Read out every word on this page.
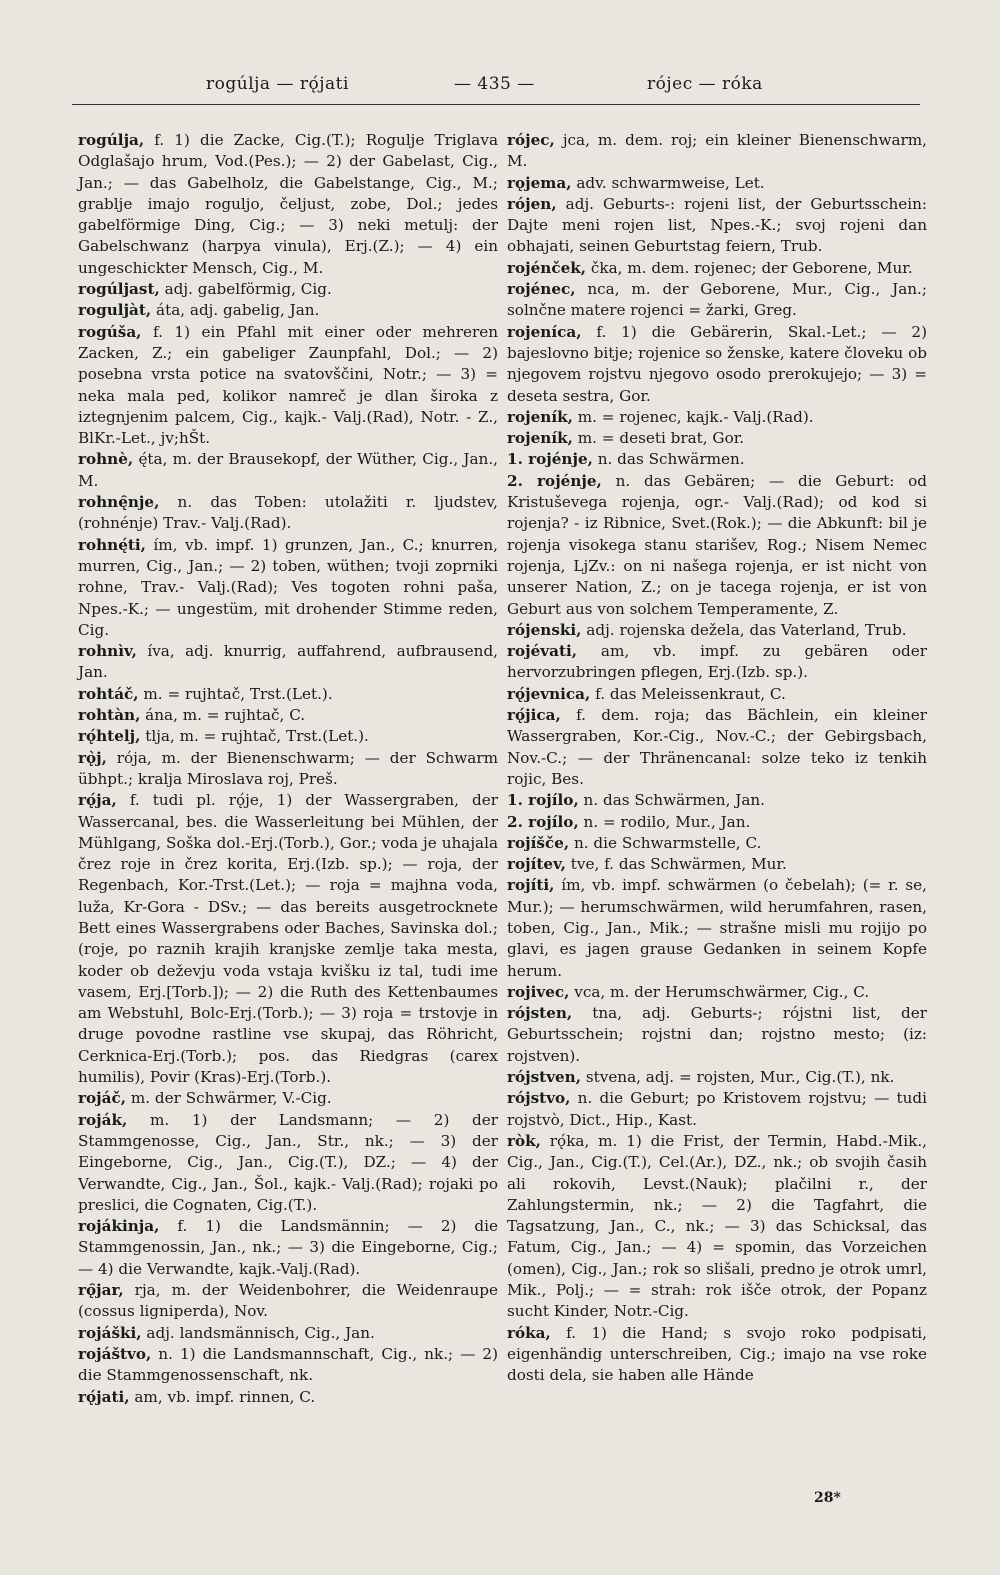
rogúlja — rǫ́jati	— 435 —	rójec — róka

rogúlja, f. 1) die Zacke, Cig.(T.); Rogulje Triglava Odglašajo hrum, Vod.(Pes.); — 2) der Gabelast, Cig., Jan.; — das Gabelholz, die Gabelstange, Cig., M.; grablje imajo roguljo, čeljust, zobe, Dol.; jedes gabelförmige Ding, Cig.; — 3) neki metulj: der Gabelschwanz (harpya vinula), Erj.(Z.); — 4) ein ungeschickter Mensch, Cig., M.

rogúljast, adj. gabelförmig, Cig.

roguljàt, áta, adj. gabelig, Jan.

rogúša, f. 1) ein Pfahl mit einer oder mehreren Zacken, Z.; ein gabeliger Zaunpfahl, Dol.; — 2) posebna vrsta potice na svatovščini, Notr.; — 3) = neka mala ped, kolikor namreč je dlan široka z iztegnjenim palcem, Cig., kajk.- Valj.(Rad), Notr. - Z., BlKr.-Let., jv;hŠt.

rohnè, ę́ta, m. der Brausekopf, der Wüther, Cig., Jan., M.

rohnę̑nje, n. das Toben: utolažiti r. ljudstev, (rohnénje) Trav.- Valj.(Rad).

rohnę́ti, ím, vb. impf. 1) grunzen, Jan., C.; knurren, murren, Cig., Jan.; — 2) toben, wüthen; tvoji zoprniki rohne, Trav.- Valj.(Rad); Ves togoten rohni paša, Npes.-K.; — ungestüm, mit drohender Stimme reden, Cig.

rohnìv, íva, adj. knurrig, auffahrend, aufbrausend, Jan.

rohtáč, m. = rujhtač, Trst.(Let.).

rohtàn, ána, m. = rujhtač, C.

rǫ́htelj, tlja, m. = rujhtač, Trst.(Let.).

rǫ̀j, rója, m. der Bienenschwarm; — der Schwarm übhpt.; kralja Miroslava roj, Preš.

rǫ́ja, f. tudi pl. rǫ́je, 1) der Wassergraben, der Wassercanal, bes. die Wasserleitung bei Mühlen, der Mühlgang, Soška dol.-Erj.(Torb.), Gor.; voda je uhajala črez roje in črez korita, Erj.(Izb. sp.); — roja, der Regenbach, Kor.-Trst.(Let.); — roja = majhna voda, luža, Kr-Gora - DSv.; — das bereits ausgetrocknete Bett eines Wassergrabens oder Baches, Savinska dol.; (roje, po raznih krajih kranjske zemlje taka mesta, koder ob deževju voda vstaja kvišku iz tal, tudi ime vasem, Erj.[Torb.]); — 2) die Ruth des Kettenbaumes am Webstuhl, Bolc-Erj.(Torb.); — 3) roja = trstovje in druge povodne rastline vse skupaj, das Röhricht, Cerknica-Erj.(Torb.); pos. das Riedgras (carex humilis), Povir (Kras)-Erj.(Torb.).

rojáč, m. der Schwärmer, V.-Cig.

roják, m. 1) der Landsmann; — 2) der Stammgenosse, Cig., Jan., Str., nk.; — 3) der Eingeborne, Cig., Jan., Cig.(T.), DZ.; — 4) der Verwandte, Cig., Jan., Šol., kajk.- Valj.(Rad); rojaki po preslici, die Cognaten, Cig.(T.).

rojákinja, f. 1) die Landsmännin; — 2) die Stammgenossin, Jan., nk.; — 3) die Eingeborne, Cig.; — 4) die Verwandte, kajk.-Valj.(Rad).

rǫ̑jar, rja, m. der Weidenbohrer, die Weidenraupe (cossus ligniperda), Nov.

rojáški, adj. landsmännisch, Cig., Jan.

rojáštvo, n. 1) die Landsmannschaft, Cig., nk.; — 2) die Stammgenossenschaft, nk.

rǫ́jati, am, vb. impf. rinnen, C.

rójec, jca, m. dem. roj; ein kleiner Bienenschwarm, M.

rǫjema, adv. schwarmweise, Let.

rójen, adj. Geburts-: rojeni list, der Geburtsschein: Dajte meni rojen list, Npes.-K.; svoj rojeni dan obhajati, seinen Geburtstag feiern, Trub.

rojénček, čka, m. dem. rojenec; der Geborene, Mur.

rojénec, nca, m. der Geborene, Mur., Cig., Jan.; solnčne matere rojenci = žarki, Greg.

rojeníca, f. 1) die Gebärerin, Skal.-Let.; — 2) bajeslovno bitje; rojenice so ženske, katere človeku ob njegovem rojstvu njegovo osodo prerokujejo; — 3) = deseta sestra, Gor.

rojeník, m. = rojenec, kajk.- Valj.(Rad).

rojeník, m. = deseti brat, Gor.

1. rojénje, n. das Schwärmen.

2. rojénje, n. das Gebären; — die Geburt: od Kristuševega rojenja, ogr.- Valj.(Rad); od kod si rojenja? - iz Ribnice, Svet.(Rok.); — die Abkunft: bil je rojenja visokega stanu starišev, Rog.; Nisem Nemec rojenja, LjZv.: on ni našega rojenja, er ist nicht von unserer Nation, Z.; on je tacega rojenja, er ist von Geburt aus von solchem Temperamente, Z.

rójenski, adj. rojenska dežela, das Vaterland, Trub.

rojévati, am, vb. impf. zu gebären oder hervorzubringen pflegen, Erj.(Izb. sp.).

rǫ́jevnica, f. das Meleissenkraut, C.

rǫ́jica, f. dem. roja; das Bächlein, ein kleiner Wassergraben, Kor.-Cig., Nov.-C.; der Gebirgsbach, Nov.-C.; — der Thränencanal: solze teko iz tenkih rojic, Bes.

1. rojílo, n. das Schwärmen, Jan.

2. rojílo, n. = rodilo, Mur., Jan.

rojíšče, n. die Schwarmstelle, C.

rojítev, tve, f. das Schwärmen, Mur.

rojíti, ím, vb. impf. schwärmen (o čebelah); (= r. se, Mur.); — herumschwärmen, wild herumfahren, rasen, toben, Cig., Jan., Mik.; — strašne misli mu rojijo po glavi, es jagen grause Gedanken in seinem Kopfe herum.

rojivec, vca, m. der Herumschwärmer, Cig., C.

rójsten, tna, adj. Geburts-; rójstni list, der Geburtsschein; rojstni dan; rojstno mesto; (iz: rojstven).

rójstven, stvena, adj. = rojsten, Mur., Cig.(T.), nk.

rójstvo, n. die Geburt; po Kristovem rojstvu; — tudi rojstvò, Dict., Hip., Kast.

ròk, rǫ́ka, m. 1) die Frist, der Termin, Habd.-Mik., Cig., Jan., Cig.(T.), Cel.(Ar.), DZ., nk.; ob svojih časih ali rokovih, Levst.(Nauk); plačilni r., der Zahlungstermin, nk.; — 2) die Tagfahrt, die Tagsatzung, Jan., C., nk.; — 3) das Schicksal, das Fatum, Cig., Jan.; — 4) = spomin, das Vorzeichen (omen), Cig., Jan.; rok so slišali, predno je otrok umrl, Mik., Polj.; — = strah: rok išče otrok, der Popanz sucht Kinder, Notr.-Cig.

róka, f. 1) die Hand; s svojo roko podpisati, eigenhändig unterschreiben, Cig.; imajo na vse roke dosti dela, sie haben alle Hände

28*
